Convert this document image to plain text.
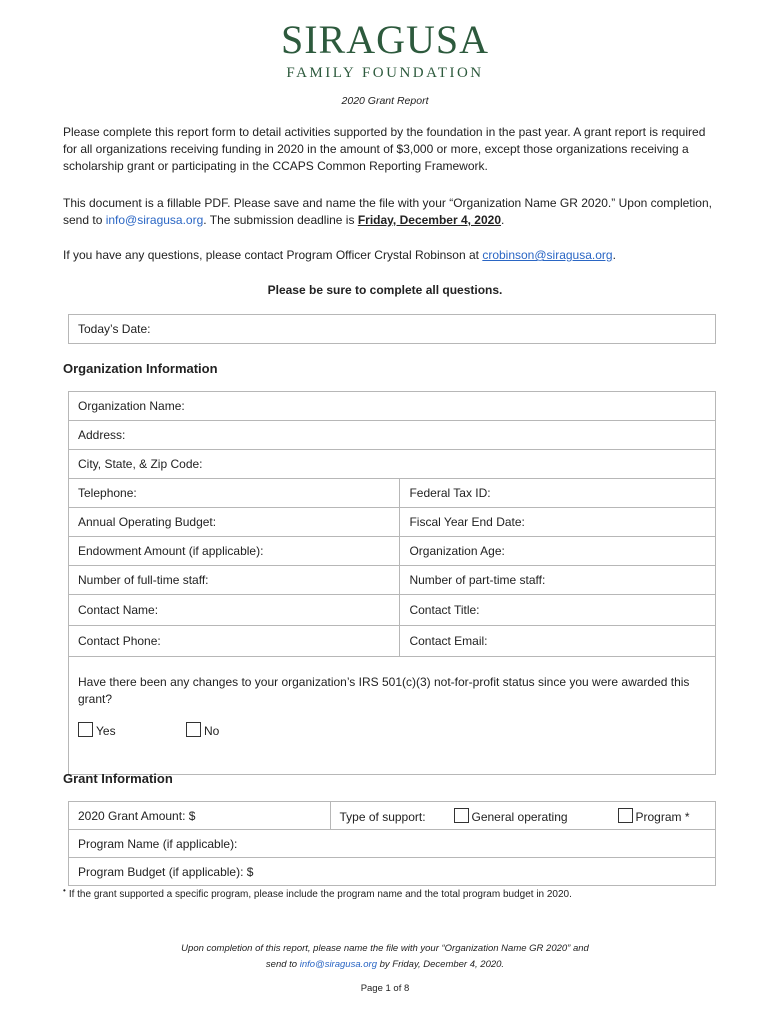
SIRAGUSA
FAMILY FOUNDATION
2020 Grant Report

Please complete this report form to detail activities supported by the foundation in the past year. A grant report is required for all organizations receiving funding in 2020 in the amount of $3,000 or more, except those organizations receiving a scholarship grant or participating in the CCAPS Common Reporting Framework.

This document is a fillable PDF. Please save and name the file with your “Organization Name GR 2020.” Upon completion, send to info@siragusa.org. The submission deadline is Friday, December 4, 2020.

If you have any questions, please contact Program Officer Crystal Robinson at crobinson@siragusa.org.

Please be sure to complete all questions.
Today’s Date:
Organization Information
Organization Name:	
Address:	
City, State, & Zip Code:	
Telephone:	Federal Tax ID:
Annual Operating Budget:	Fiscal Year End Date:
Endowment Amount (if applicable):	Organization Age:
Number of full-time staff:	Number of part-time staff:
Contact Name:	Contact Title:
Contact Phone:	Contact Email:

Have there been any changes to your organization’s IRS 501(c)(3) not-for-profit status since you were awarded this grant?
Yes No	
Grant Information
2020 Grant Amount: $	Type of support:	General operating	Program *
Program Name (if applicable):
Program Budget (if applicable): $
• If the grant supported a specific program, please include the program name and the total program budget in 2020.
Upon completion of this report, please name the file with your “Organization Name GR 2020” and
send to info@siragusa.org by Friday, December 4, 2020.
Page 1 of 8
